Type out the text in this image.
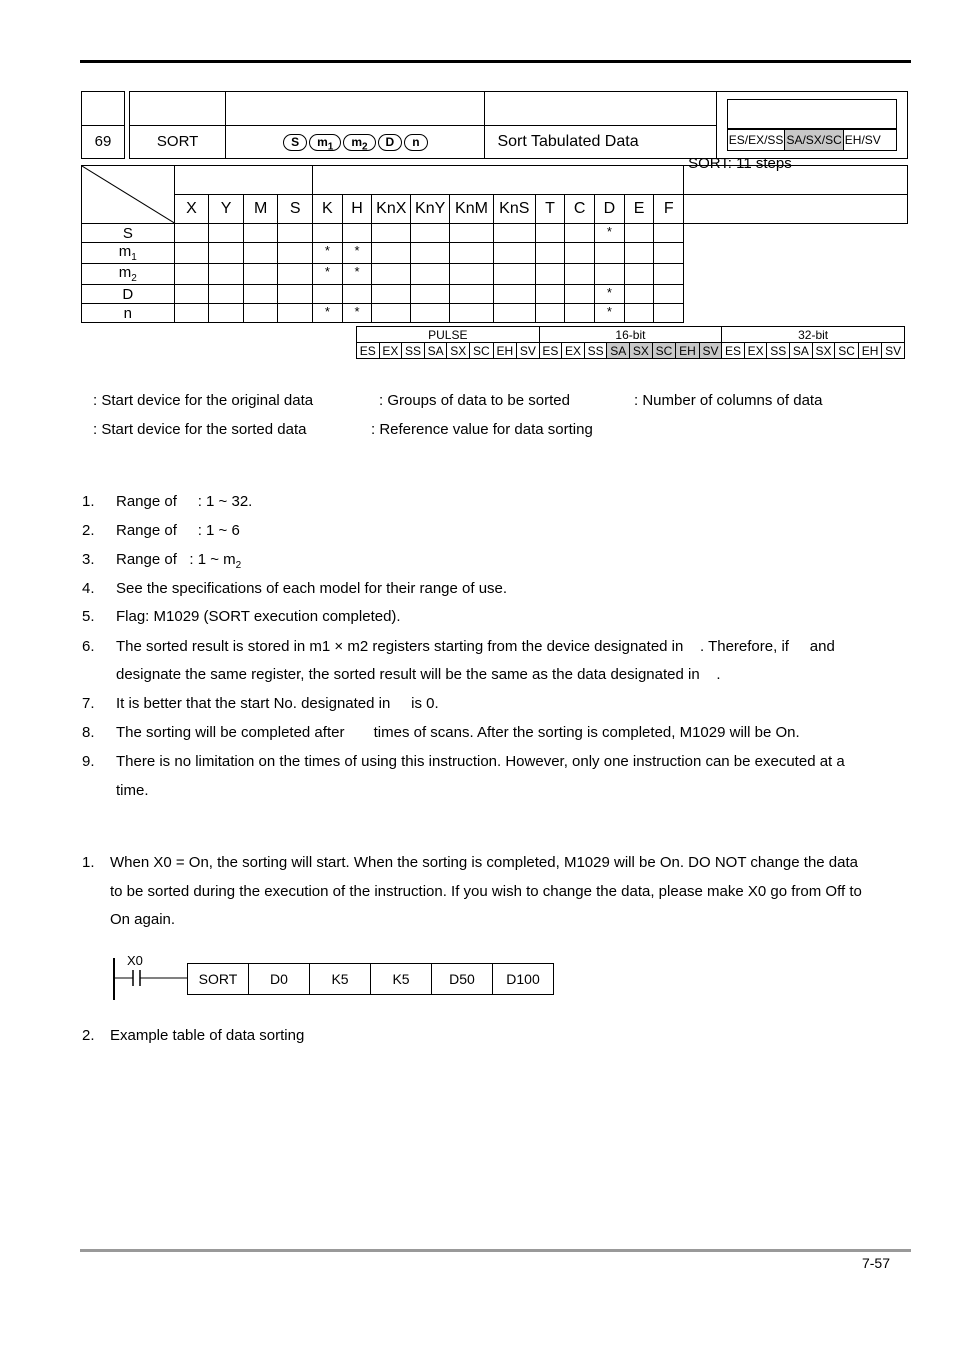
					ES/EX/SS SA/SX/SC EH/SV

69		SORT	S $m_1$ $m_2$ D n	Sort Tabulated Data	

	X	Y	M	S	K	H	KnX	KnY	KnM	KnS	T	C	D	E	F	SORT: 11 steps

S													*			
$m_1$					*	*										
$m_2$					*	*										
D													*			
n					*	*							*			
PULSE								16-bit								32-bit							
ES	EX	SS	SA	SX	SC	EH	SV	ES	EX	SS	SA	SX	SC	EH	SV	ES	EX	SS	SA	SX	SC	EH	SV
: Start device for the original data	: Groups of data to be sorted	: Number of columns of data
: Start device for the sorted data	: Reference value for data sorting
1. Range of     : 1 ~ 32.
2. Range of     : 1 ~ 6
3. Range of   : 1 ~ $m_2$
4. See the specifications of each model for their range of use.
5. Flag: M1029 (SORT execution completed).
6. The sorted result is stored in m1 × m2 registers starting from the device designated in    . Therefore, if     and
designate the same register, the sorted result will be the same as the data designated in    .
7. It is better that the start No. designated in     is 0.
8. The sorting will be completed after       times of scans. After the sorting is completed, M1029 will be On.
9. There is no limitation on the times of using this instruction. However, only one instruction can be executed at a
time.
1. When X0 = On, the sorting will start. When the sorting is completed, M1029 will be On. DO NOT change the data
to be sorted during the execution of the instruction. If you wish to change the data, please make X0 go from Off to
On again.
X0
SORT	D0	K5	K5	D50	D100
2. Example table of data sorting
7-57
